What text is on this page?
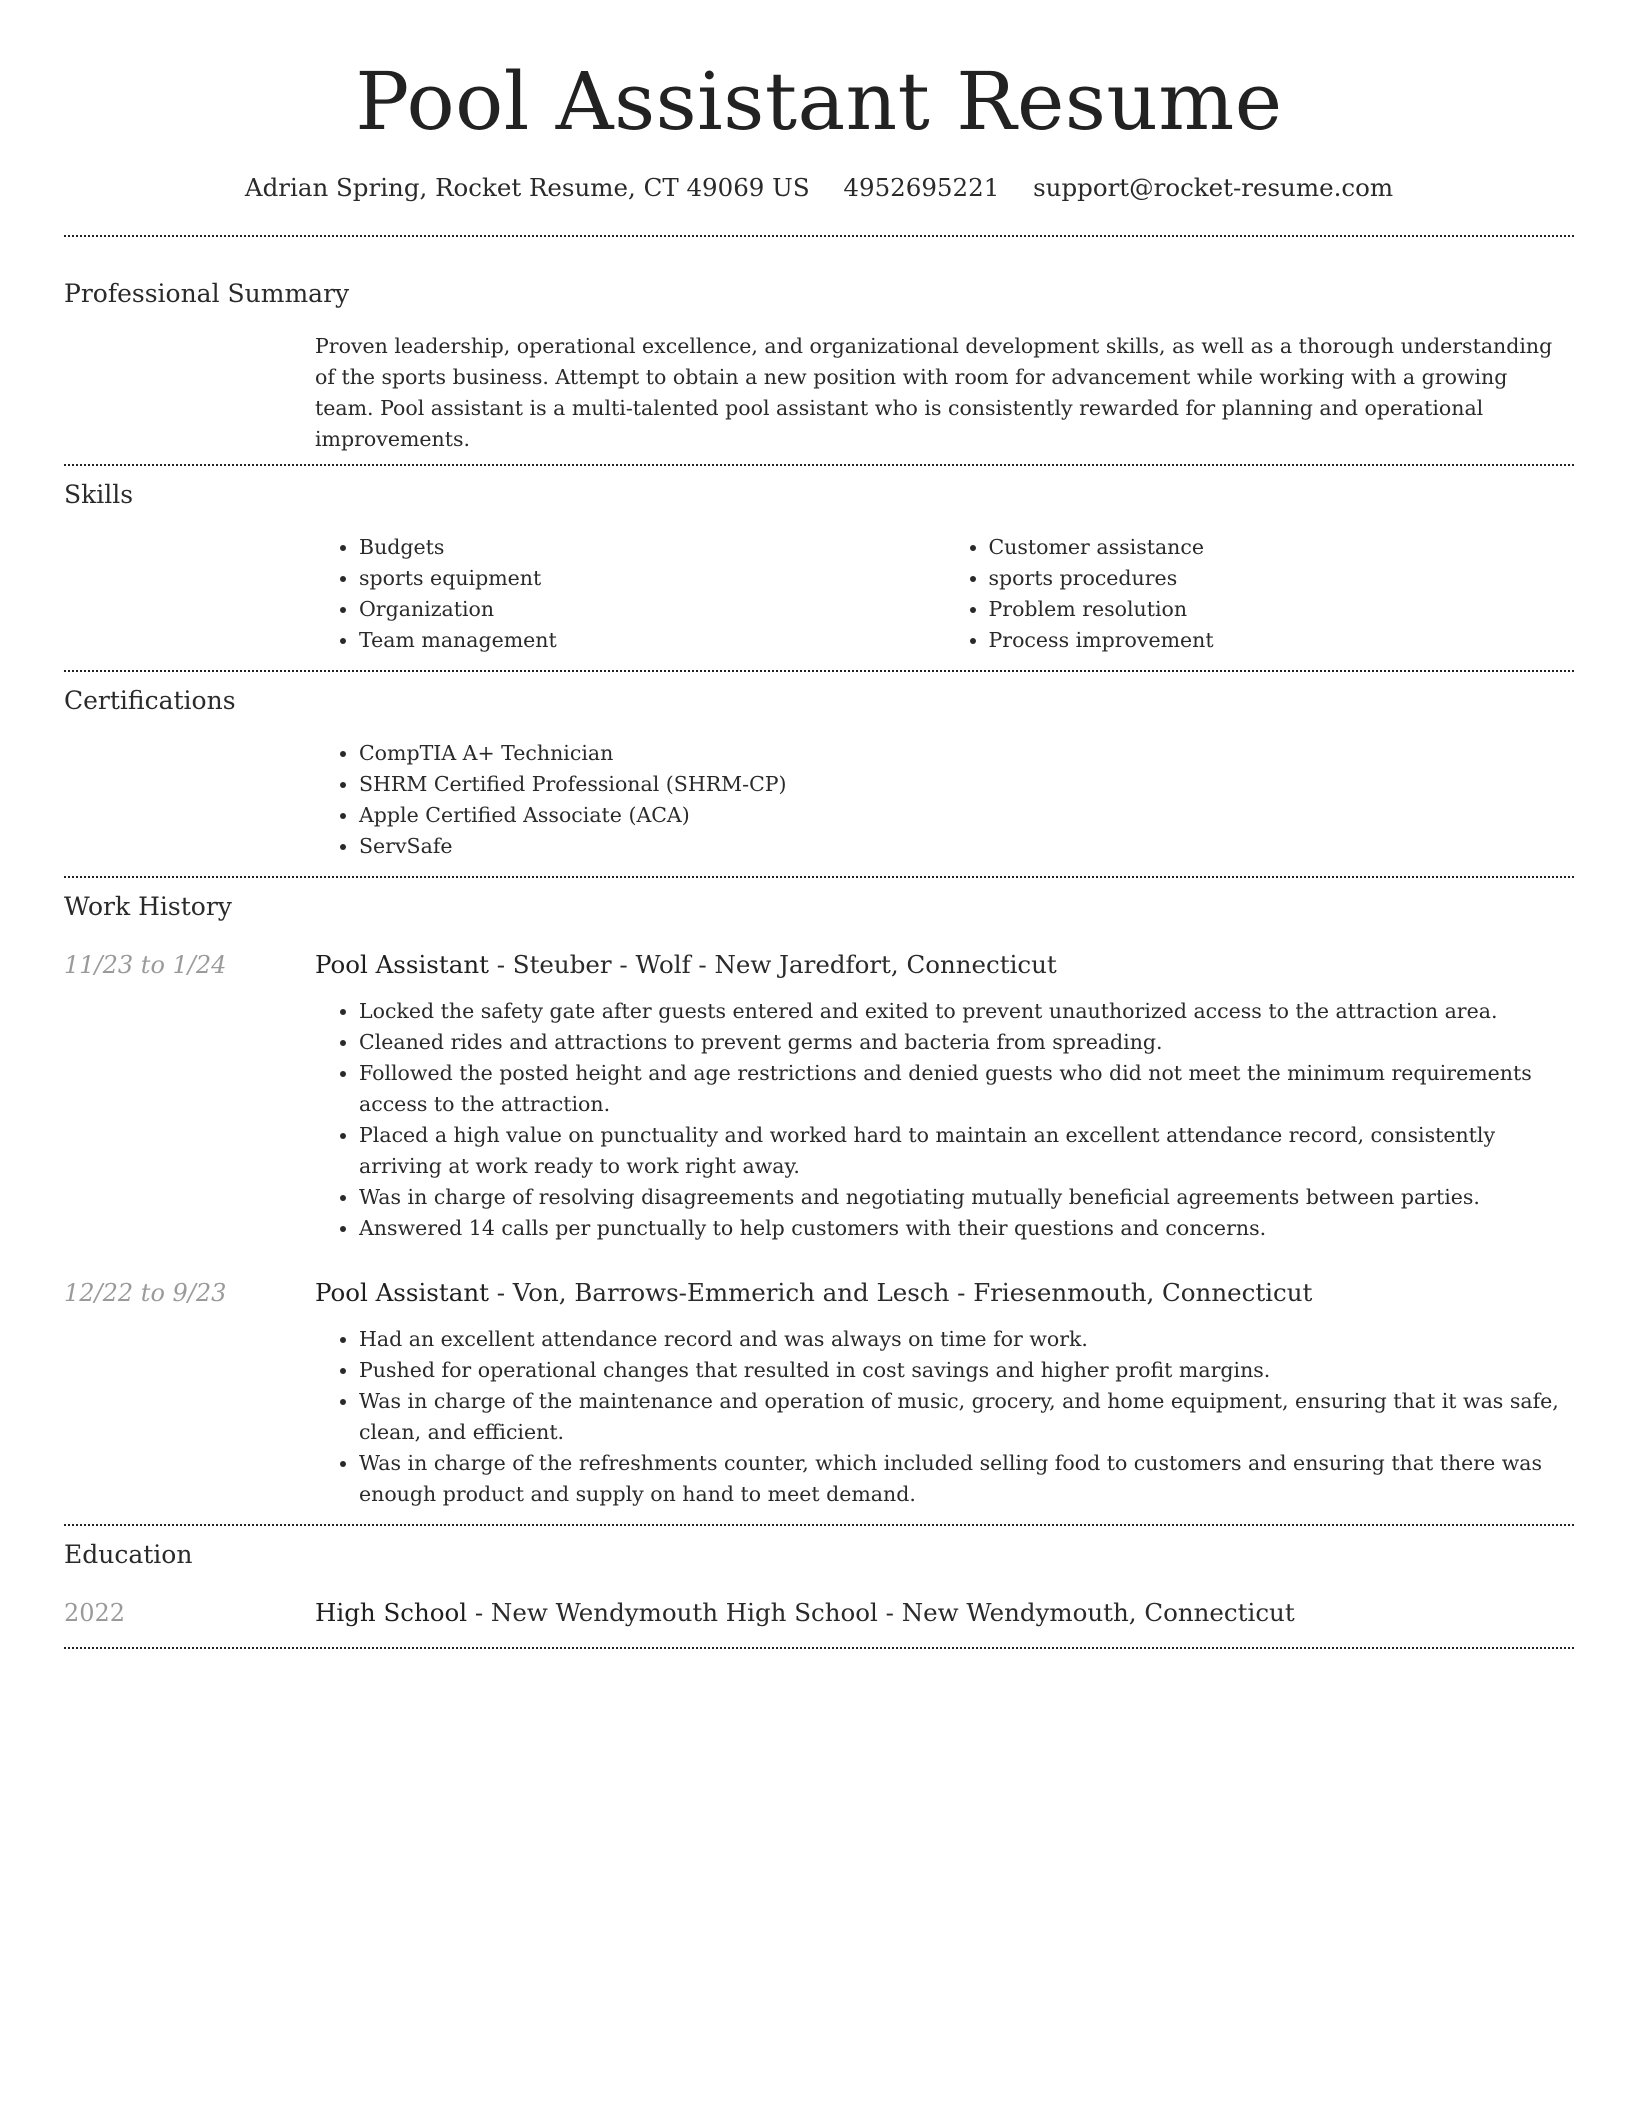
Pool Assistant Resume
Adrian Spring, Rocket Resume, CT 49069 US 4952695221 support@rocket-resume.com
Professional Summary
Proven leadership, operational excellence, and organizational development skills, as well as a thorough understanding of the sports business. Attempt to obtain a new position with room for advancement while working with a growing team. Pool assistant is a multi-talented pool assistant who is consistently rewarded for planning and operational improvements.
Skills
• Budgets
• sports equipment
• Organization
• Team management
• Customer assistance
• sports procedures
• Problem resolution
• Process improvement
Certifications
• CompTIA A+ Technician
• SHRM Certified Professional (SHRM-CP)
• Apple Certified Associate (ACA)
• ServSafe
Work History
11/23 to 1/24	Pool Assistant - Steuber - Wolf - New Jaredfort, Connecticut
• Locked the safety gate after guests entered and exited to prevent unauthorized access to the attraction area.
• Cleaned rides and attractions to prevent germs and bacteria from spreading.
• Followed the posted height and age restrictions and denied guests who did not meet the minimum requirements access to the attraction.
• Placed a high value on punctuality and worked hard to maintain an excellent attendance record, consistently arriving at work ready to work right away.
• Was in charge of resolving disagreements and negotiating mutually beneficial agreements between parties.
• Answered 14 calls per punctually to help customers with their questions and concerns.
12/22 to 9/23	Pool Assistant - Von, Barrows-Emmerich and Lesch - Friesenmouth, Connecticut
• Had an excellent attendance record and was always on time for work.
• Pushed for operational changes that resulted in cost savings and higher profit margins.
• Was in charge of the maintenance and operation of music, grocery, and home equipment, ensuring that it was safe, clean, and efficient.
• Was in charge of the refreshments counter, which included selling food to customers and ensuring that there was enough product and supply on hand to meet demand.
Education
2022	High School - New Wendymouth High School - New Wendymouth, Connecticut
